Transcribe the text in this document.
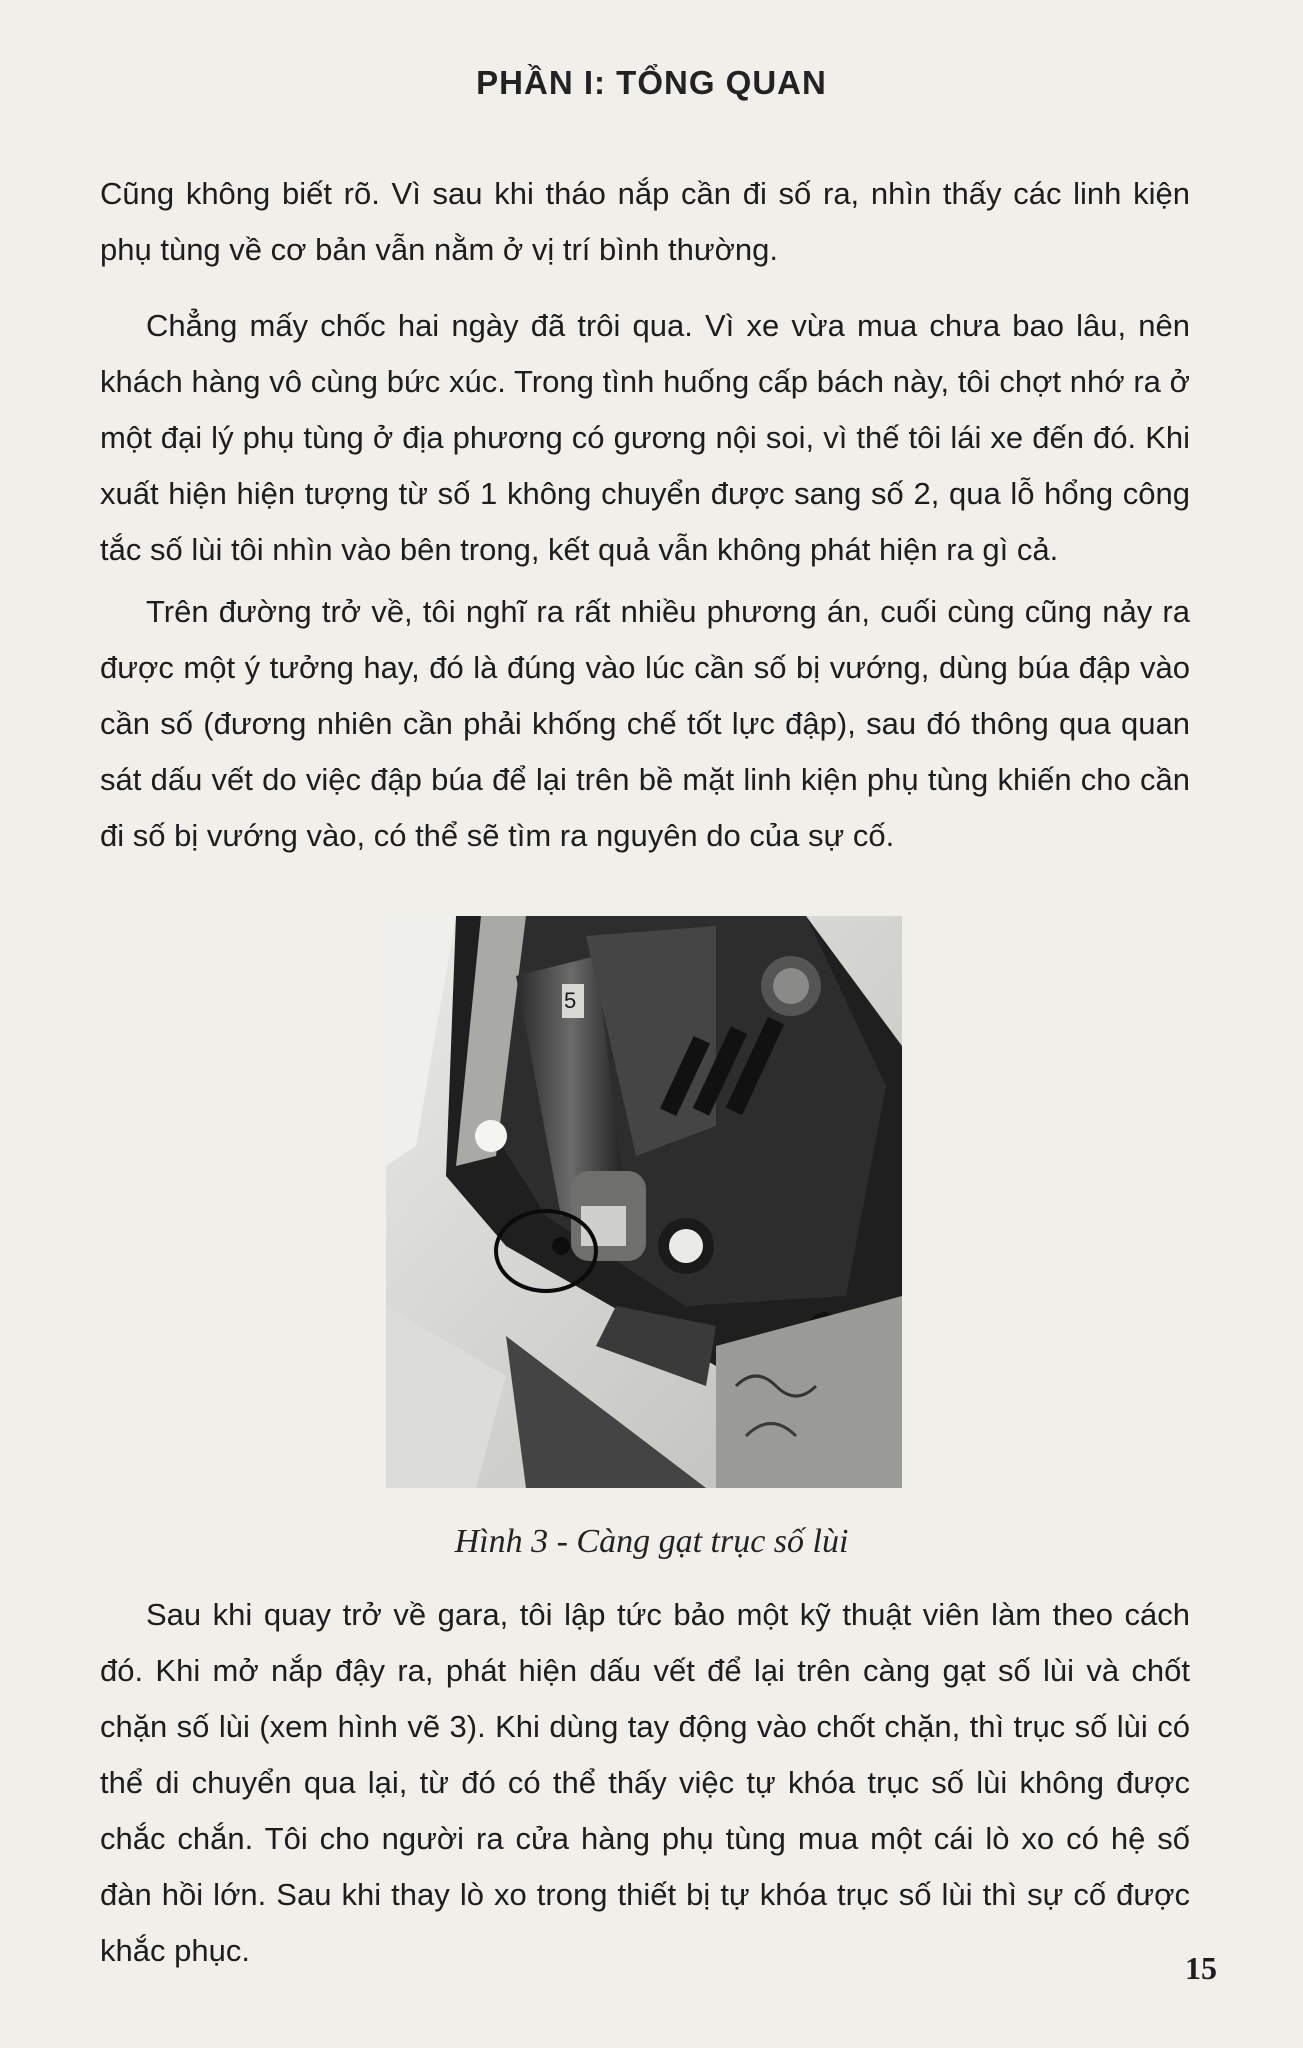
PHẦN I: TỔNG QUAN

Cũng không biết rõ. Vì sau khi tháo nắp cần đi số ra, nhìn thấy các linh kiện phụ tùng về cơ bản vẫn nằm ở vị trí bình thường.

Chẳng mấy chốc hai ngày đã trôi qua. Vì xe vừa mua chưa bao lâu, nên khách hàng vô cùng bức xúc. Trong tình huống cấp bách này, tôi chợt nhớ ra ở một đại lý phụ tùng ở địa phương có gương nội soi, vì thế tôi lái xe đến đó. Khi xuất hiện hiện tượng từ số 1 không chuyển được sang số 2, qua lỗ hổng công tắc số lùi tôi nhìn vào bên trong, kết quả vẫn không phát hiện ra gì cả.

Trên đường trở về, tôi nghĩ ra rất nhiều phương án, cuối cùng cũng nảy ra được một ý tưởng hay, đó là đúng vào lúc cần số bị vướng, dùng búa đập vào cần số (đương nhiên cần phải khống chế tốt lực đập), sau đó thông qua quan sát dấu vết do việc đập búa để lại trên bề mặt linh kiện phụ tùng khiến cho cần đi số bị vướng vào, có thể sẽ tìm ra nguyên do của sự cố.

5
Hình 3 - Càng gạt trục số lùi

Sau khi quay trở về gara, tôi lập tức bảo một kỹ thuật viên làm theo cách đó. Khi mở nắp đậy ra, phát hiện dấu vết để lại trên càng gạt số lùi và chốt chặn số lùi (xem hình vẽ 3). Khi dùng tay động vào chốt chặn, thì trục số lùi có thể di chuyển qua lại, từ đó có thể thấy việc tự khóa trục số lùi không được chắc chắn. Tôi cho người ra cửa hàng phụ tùng mua một cái lò xo có hệ số đàn hồi lớn. Sau khi thay lò xo trong thiết bị tự khóa trục số lùi thì sự cố được khắc phục.	15
